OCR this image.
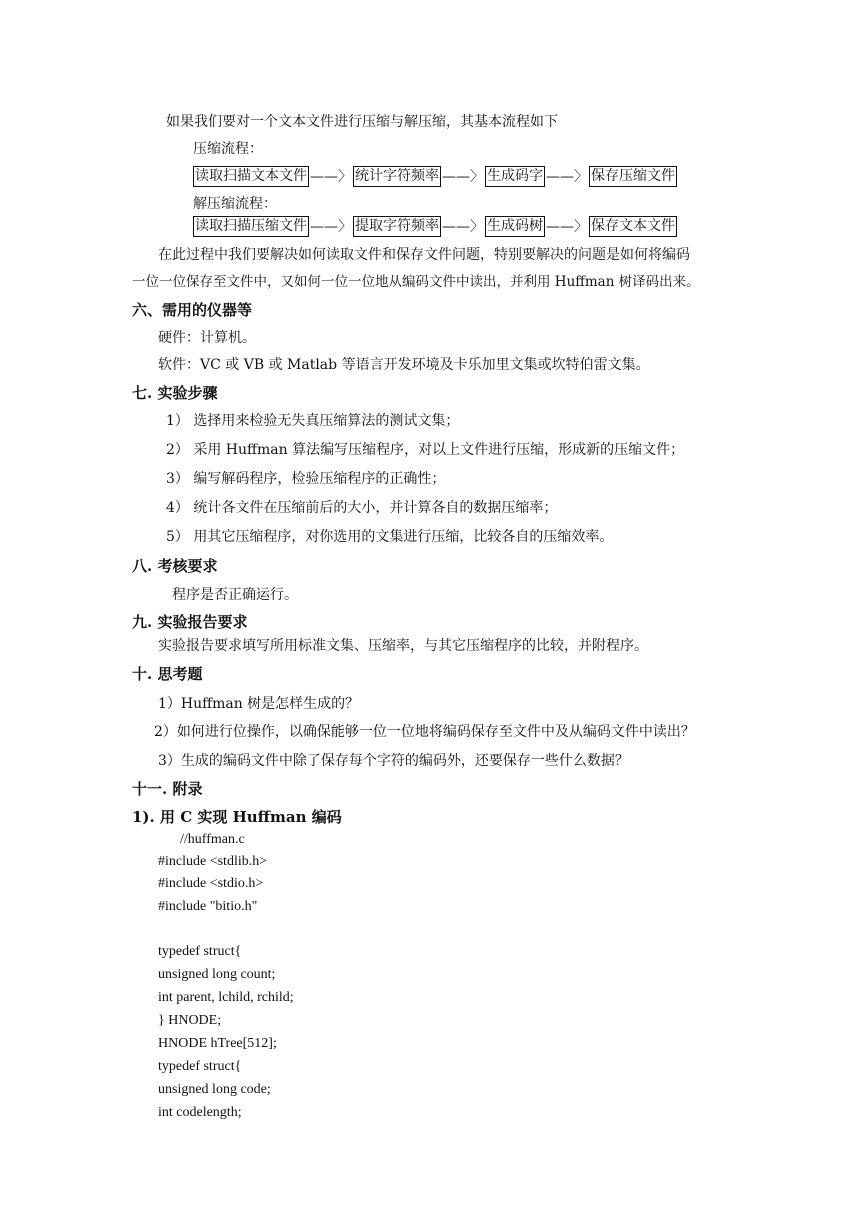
如果我们要对一个文本文件进行压缩与解压缩，其基本流程如下
压缩流程：
读取扫描文本文件 ——〉 统计字符频率 ——〉 生成码字 ——〉 保存压缩文件
解压缩流程：
读取扫描压缩文件 ——〉 提取字符频率 ——〉 生成码树 ——〉 保存文本文件
在此过程中我们要解决如何读取文件和保存文件问题，特别要解决的问题是如何将编码
一位一位保存至文件中，又如何一位一位地从编码文件中读出，并利用 Huffman 树译码出来。
六、需用的仪器等
硬件：计算机。
软件：VC 或 VB 或 Matlab 等语言开发环境及卡乐加里文集或坎特伯雷文集。
七. 实验步骤
1） 选择用来检验无失真压缩算法的测试文集；
2） 采用 Huffman 算法编写压缩程序，对以上文件进行压缩，形成新的压缩文件；
3） 编写解码程序，检验压缩程序的正确性；
4） 统计各文件在压缩前后的大小，并计算各自的数据压缩率；
5） 用其它压缩程序，对你选用的文集进行压缩，比较各自的压缩效率。
八. 考核要求
程序是否正确运行。
九. 实验报告要求
实验报告要求填写所用标准文集、压缩率，与其它压缩程序的比较，并附程序。
十. 思考题
1）Huffman 树是怎样生成的？
2）如何进行位操作，以确保能够一位一位地将编码保存至文件中及从编码文件中读出？
3）生成的编码文件中除了保存每个字符的编码外，还要保存一些什么数据？
十一. 附录
1). 用 C 实现 Huffman 编码
//huffman.c
#include <stdlib.h>
#include <stdio.h>
#include "bitio.h"
typedef struct{
unsigned long count;
int parent, lchild, rchild;
} HNODE;
HNODE hTree[512];
typedef struct{
unsigned long code;
int codelength;
